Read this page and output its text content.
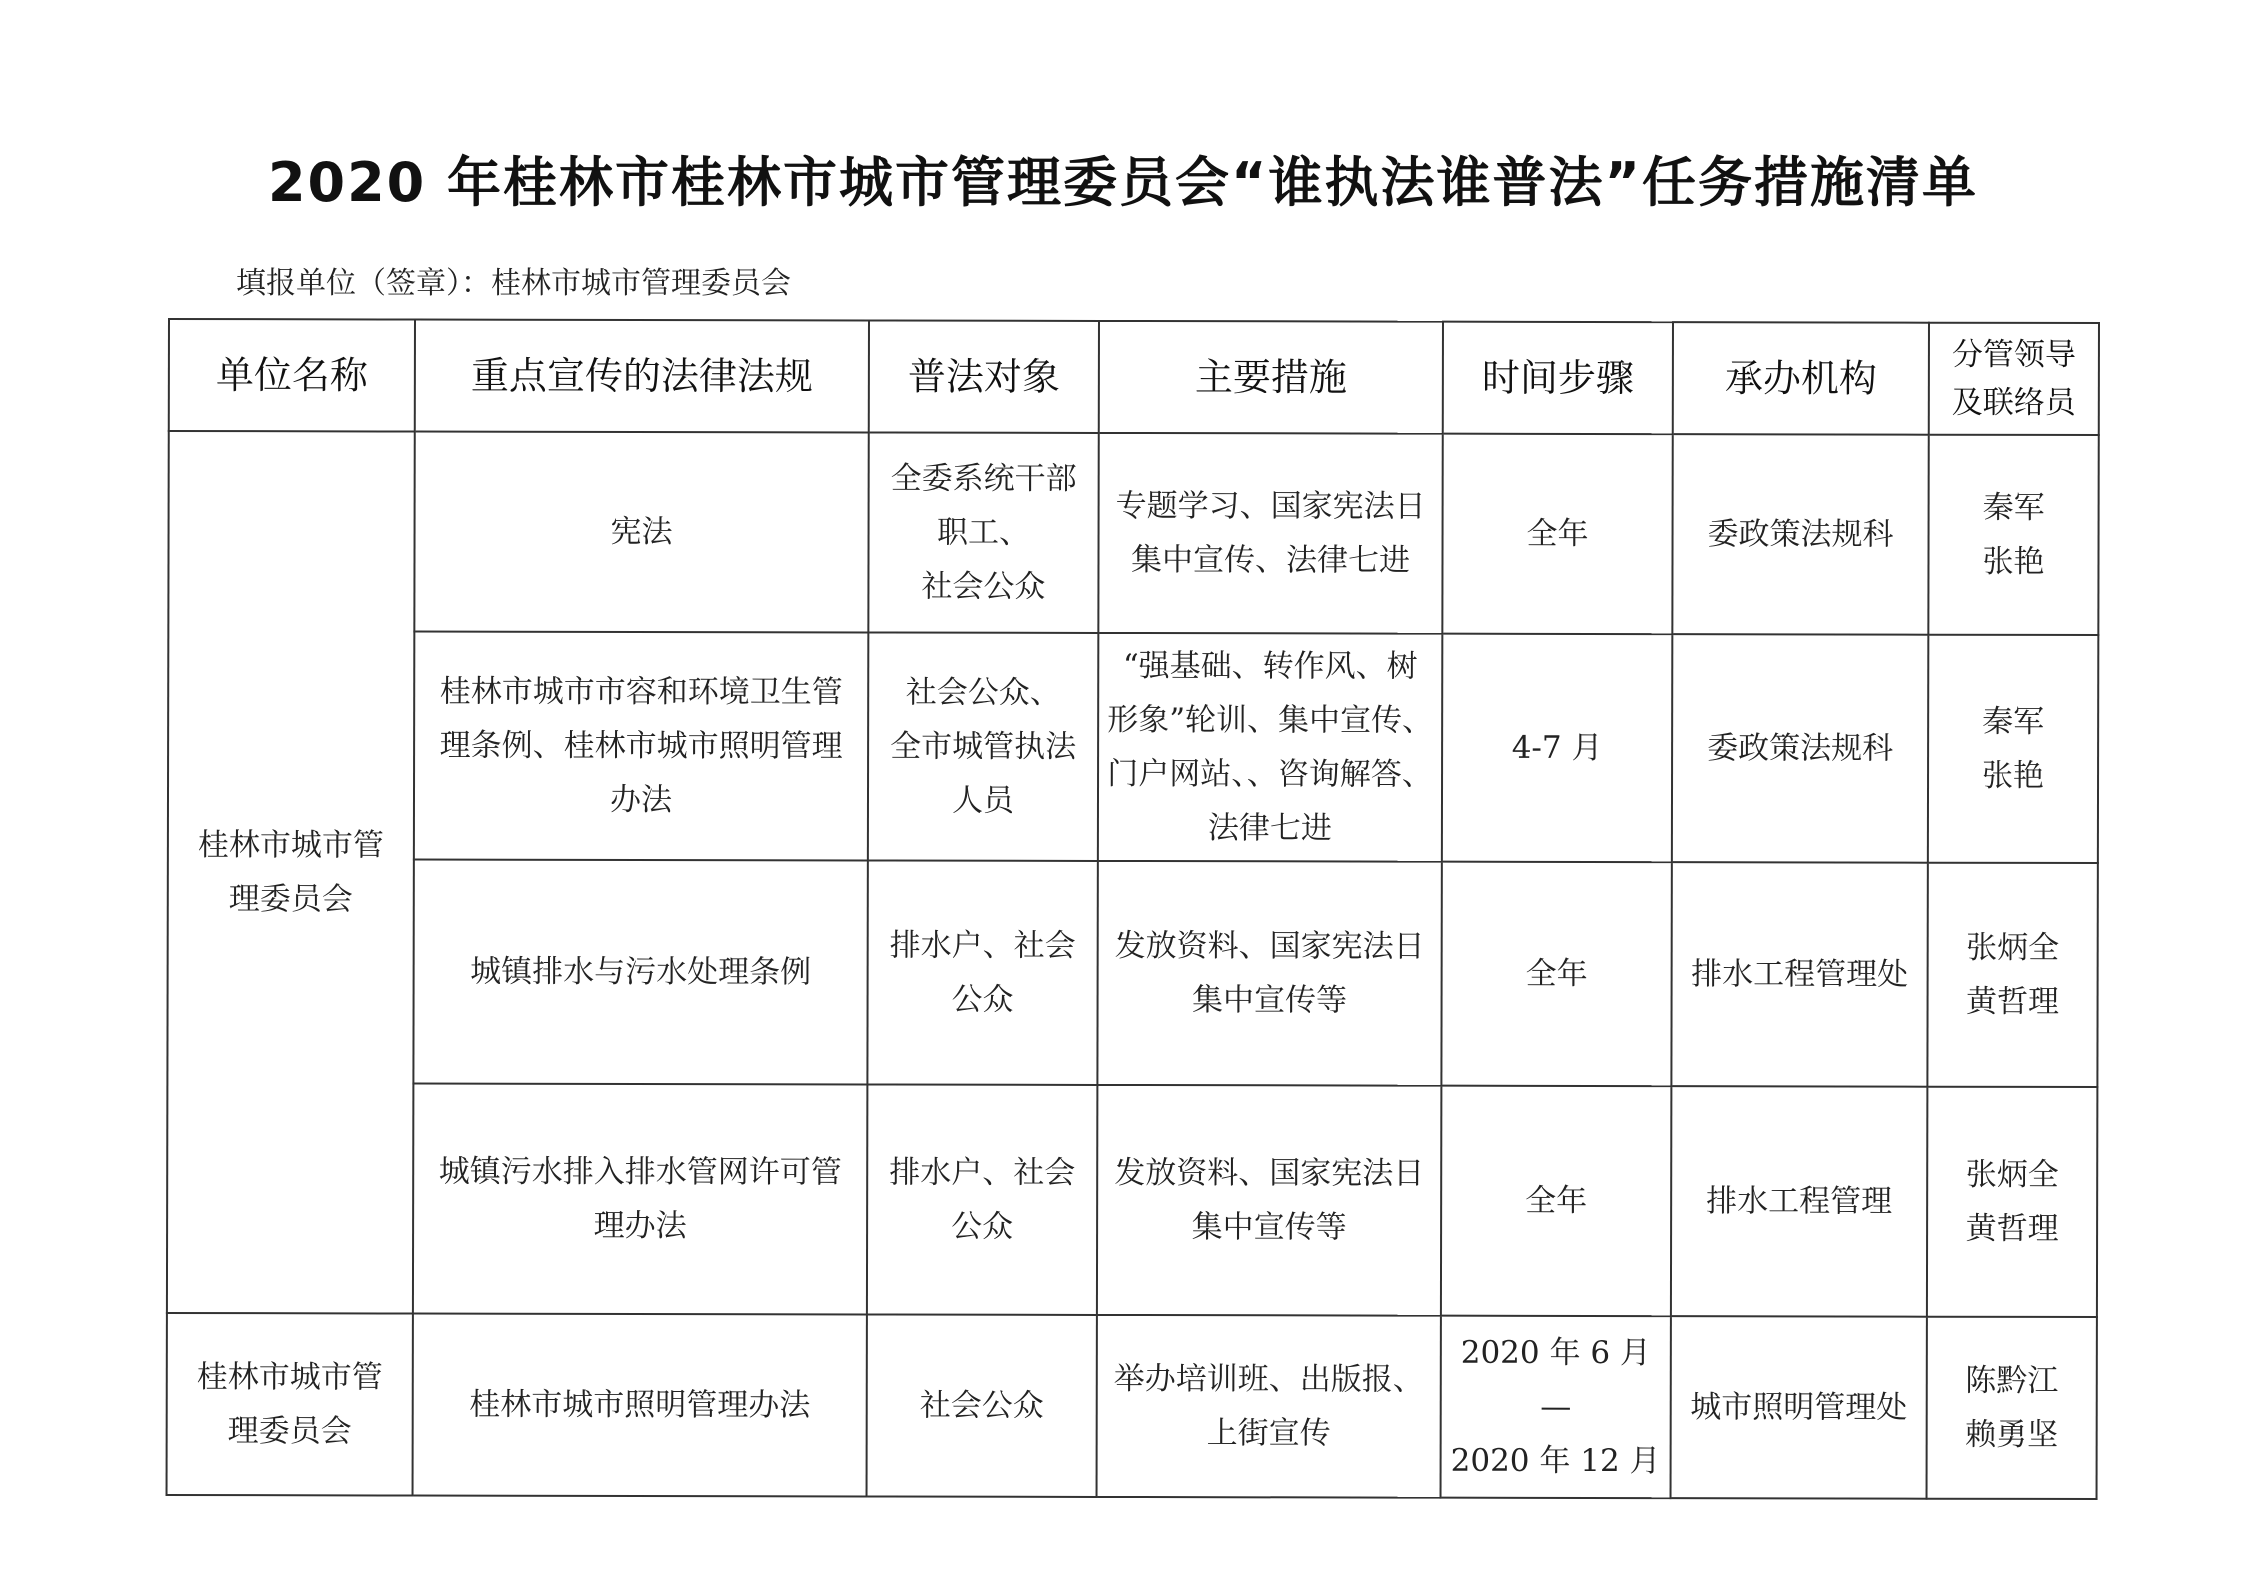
2020 年桂林市桂林市城市管理委员会“谁执法谁普法”任务措施清单
填报单位（签章）：桂林市城市管理委员会
单位名称	重点宣传的法律法规	普法对象	主要措施	时间步骤	承办机构	分管领导
及联络员
桂林市城市管
理委员会	宪法	全委系统干部
职工、
社会公众	专题学习、国家宪法日
集中宣传、法律七进	全年	委政策法规科	秦军
张艳
	桂林市城市市容和环境卫生管
理条例、桂林市城市照明管理
办法	社会公众、
全市城管执法
人员	“强基础、转作风、树
形象”轮训、集中宣传、
门户网站、、咨询解答、
法律七进	4-7 月	委政策法规科	秦军
张艳
	城镇排水与污水处理条例	排水户、社会
公众	发放资料、国家宪法日
集中宣传等	全年	排水工程管理处	张炳全
黄哲理
	城镇污水排入排水管网许可管
理办法	排水户、社会
公众	发放资料、国家宪法日
集中宣传等	全年	排水工程管理	张炳全
黄哲理
桂林市城市管
理委员会	桂林市城市照明管理办法	社会公众	举办培训班、出版报、
上街宣传	2020 年 6 月—
2020 年 12 月	城市照明管理处	陈黔江
赖勇坚
